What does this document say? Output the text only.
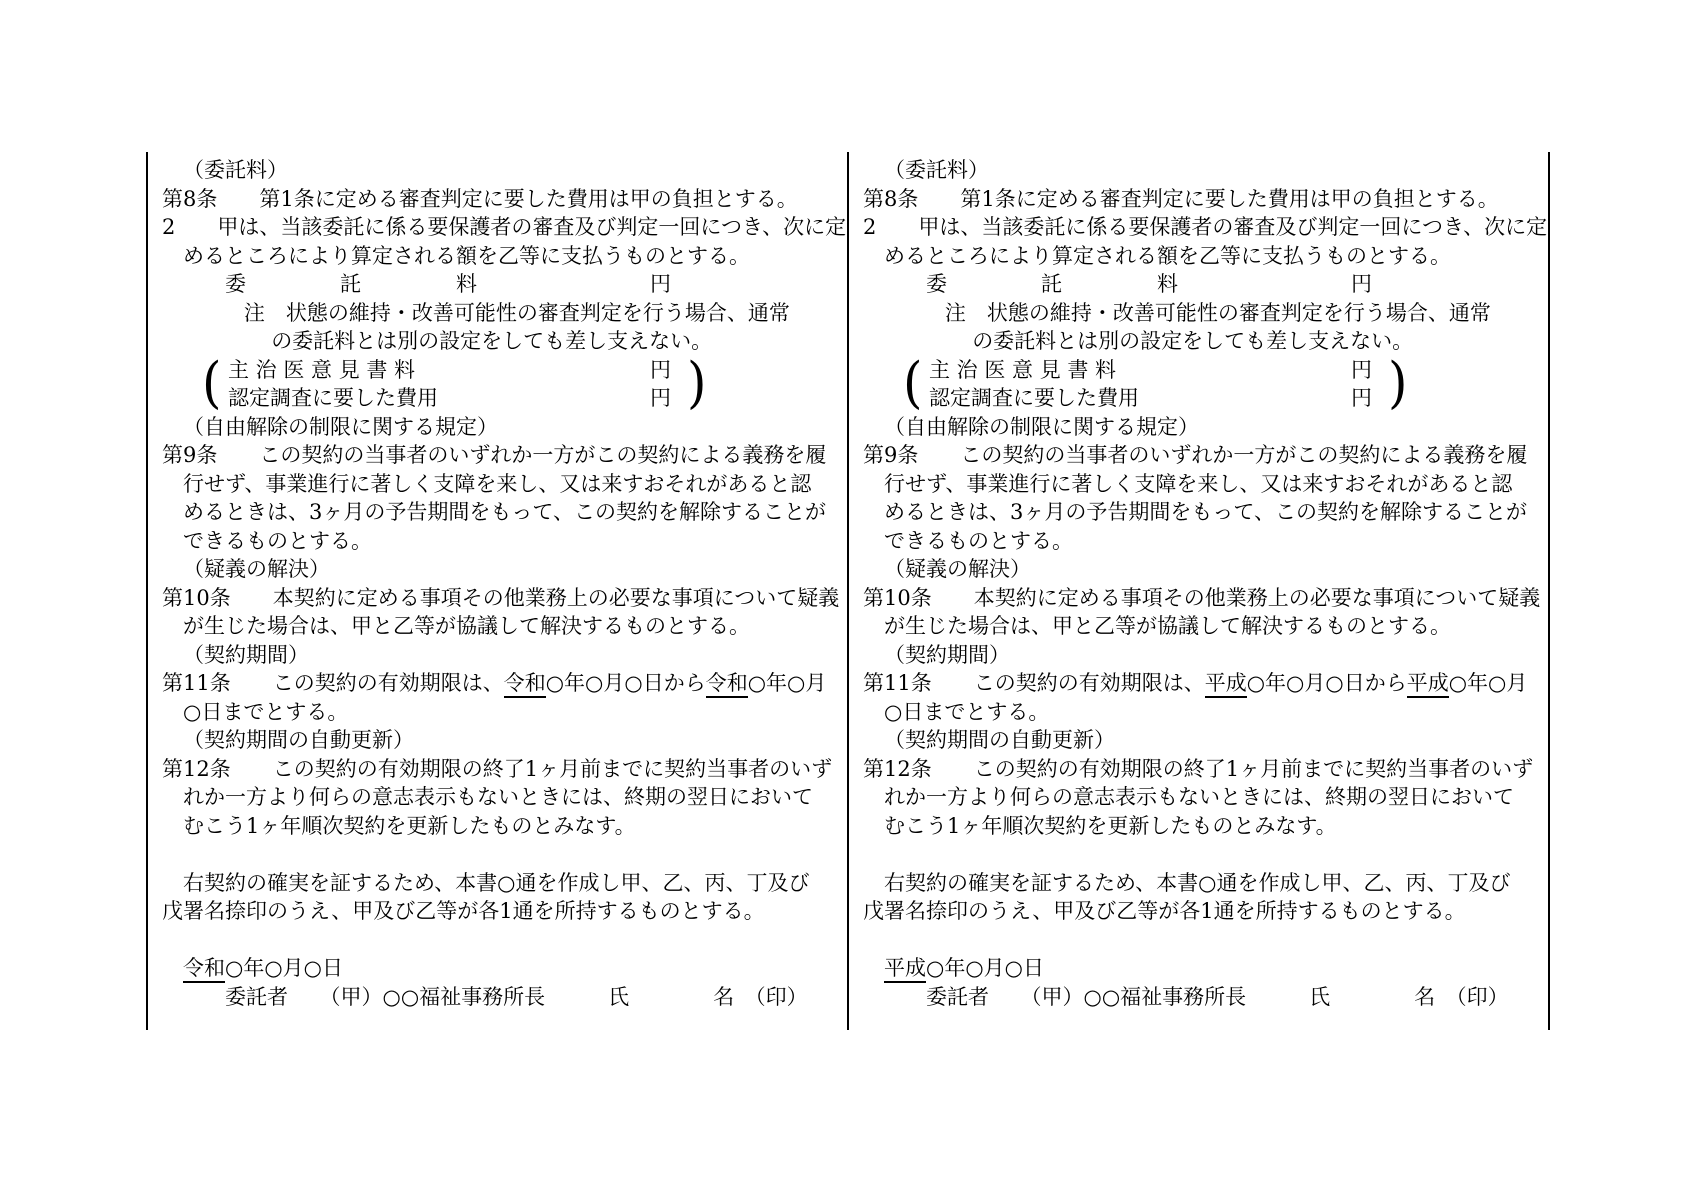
（委託料）
第8条　　第1条に定める審査判定に要した費用は甲の負担とする。
2　　甲は、当該委託に係る要保護者の審査及び判定一回につき、次に定
めるところにより算定される額を乙等に支払うものとする。
委	託	料	円
注　状態の維持・改善可能性の審査判定を行う場合、通常
の委託料とは別の設定をしても差し支えない。
( 主 治 医 意 見 書 料	円
認定調査に要した費用	円 )
（自由解除の制限に関する規定）
第9条　　この契約の当事者のいずれか一方がこの契約による義務を履
行せず、事業進行に著しく支障を来し、又は来すおそれがあると認
めるときは、3ヶ月の予告期間をもって、この契約を解除することが
できるものとする。
（疑義の解決）
第10条　　本契約に定める事項その他業務上の必要な事項について疑義
が生じた場合は、甲と乙等が協議して解決するものとする。
（契約期間）
第11条　　この契約の有効期限は、令和○年○月○日から令和○年○月
○日までとする。
（契約期間の自動更新）
第12条　　この契約の有効期限の終了1ヶ月前までに契約当事者のいず
れか一方より何らの意志表示もないときには、終期の翌日において
むこう1ヶ年順次契約を更新したものとみなす。

右契約の確実を証するため、本書○通を作成し甲、乙、丙、丁及び
戊署名捺印のうえ、甲及び乙等が各1通を所持するものとする。

令和○年○月○日
委託者　　（甲）○○福祉事務所長　　　氏　　　　名　（印）
（委託料）
第8条　　第1条に定める審査判定に要した費用は甲の負担とする。
2　　甲は、当該委託に係る要保護者の審査及び判定一回につき、次に定
めるところにより算定される額を乙等に支払うものとする。
委	託	料	円
注　状態の維持・改善可能性の審査判定を行う場合、通常
の委託料とは別の設定をしても差し支えない。
( 主 治 医 意 見 書 料	円
認定調査に要した費用	円 )
（自由解除の制限に関する規定）
第9条　　この契約の当事者のいずれか一方がこの契約による義務を履
行せず、事業進行に著しく支障を来し、又は来すおそれがあると認
めるときは、3ヶ月の予告期間をもって、この契約を解除することが
できるものとする。
（疑義の解決）
第10条　　本契約に定める事項その他業務上の必要な事項について疑義
が生じた場合は、甲と乙等が協議して解決するものとする。
（契約期間）
第11条　　この契約の有効期限は、平成○年○月○日から平成○年○月
○日までとする。
（契約期間の自動更新）
第12条　　この契約の有効期限の終了1ヶ月前までに契約当事者のいず
れか一方より何らの意志表示もないときには、終期の翌日において
むこう1ヶ年順次契約を更新したものとみなす。

右契約の確実を証するため、本書○通を作成し甲、乙、丙、丁及び
戊署名捺印のうえ、甲及び乙等が各1通を所持するものとする。

平成○年○月○日
委託者　　（甲）○○福祉事務所長　　　氏　　　　名　（印）
